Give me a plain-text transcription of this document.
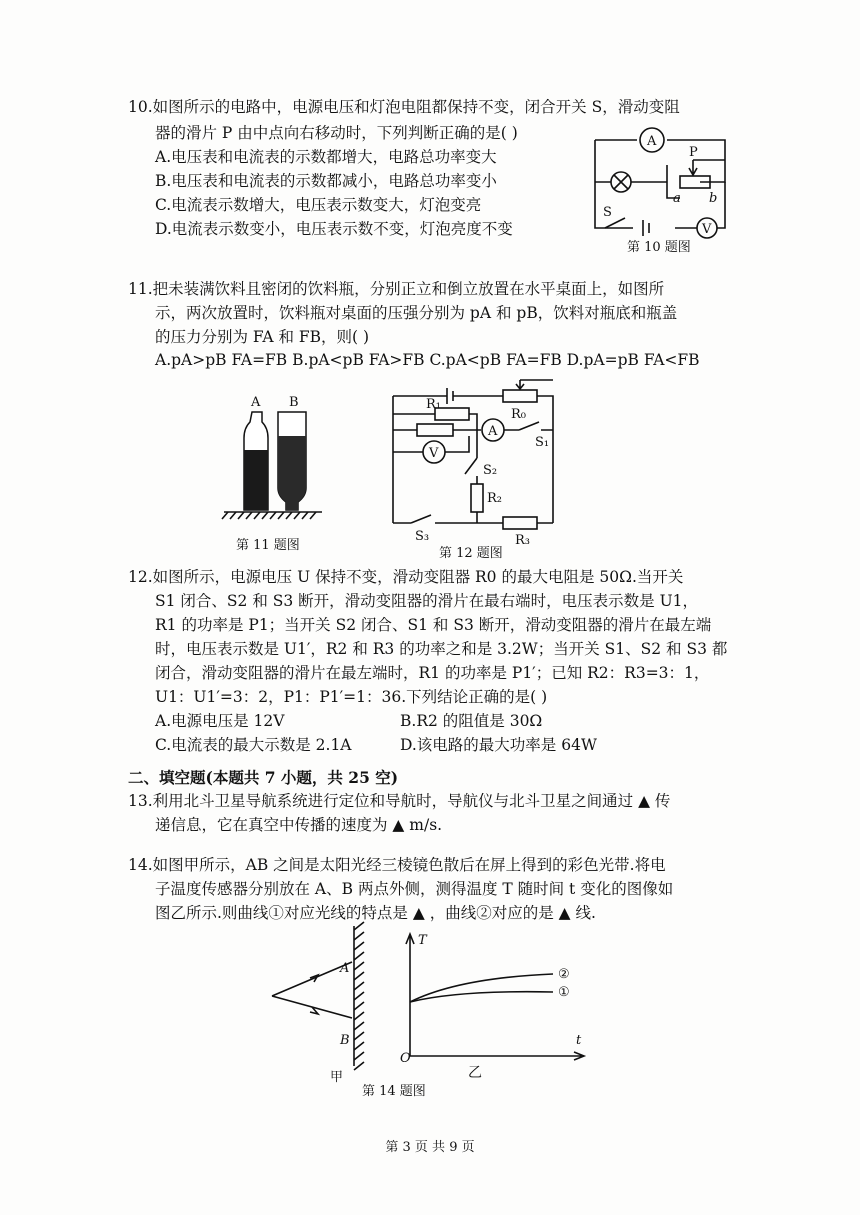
10.如图所示的电路中，电源电压和灯泡电阻都保持不变，闭合开关 S，滑动变阻
器的滑片 P 由中点向右移动时，下列判断正确的是( )
A.电压表和电流表的示数都增大，电路总功率变大
B.电压表和电流表的示数都减小，电路总功率变小
C.电流表示数增大，电压表示数变大，灯泡变亮
D.电流表示数变小，电压表示数不变，灯泡亮度不变
A
P
a b
S
V
第 10 题图
11.把未装满饮料且密闭的饮料瓶，分别正立和倒立放置在水平桌面上，如图所
示，两次放置时，饮料瓶对桌面的压强分别为 pA 和 pB，饮料对瓶底和瓶盖
的压力分别为 FA 和 FB，则( )
A.pA>pB FA=FB B.pA<pB FA>FB C.pA<pB FA=FB D.pA=pB FA<FB
A B
第 11 题图
R₀
R₁
A
S₁
V
S₂
R₂
S₃	R₃
第 12 题图
12.如图所示，电源电压 U 保持不变，滑动变阻器 R0 的最大电阻是 50Ω.当开关
S1 闭合、S2 和 S3 断开，滑动变阻器的滑片在最右端时，电压表示数是 U1，
R1 的功率是 P1；当开关 S2 闭合、S1 和 S3 断开，滑动变阻器的滑片在最左端
时，电压表示数是 U1′，R2 和 R3 的功率之和是 3.2W；当开关 S1、S2 和 S3 都
闭合，滑动变阻器的滑片在最左端时，R1 的功率是 P1′；已知 R2：R3=3：1，
U1：U1′=3：2，P1：P1′=1：36.下列结论正确的是( )
A.电源电压是 12V	B.R2 的阻值是 30Ω
C.电流表的最大示数是 2.1A	D.该电路的最大功率是 64W
二、填空题(本题共 7 小题，共 25 空)
13.利用北斗卫星导航系统进行定位和导航时，导航仪与北斗卫星之间通过 ▲ 传
递信息，它在真空中传播的速度为 ▲ m/s.
14.如图甲所示，AB 之间是太阳光经三棱镜色散后在屏上得到的彩色光带.将电
子温度传感器分别放在 A、B 两点外侧，测得温度 T 随时间 t 变化的图像如
图乙所示.则曲线①对应光线的特点是 ▲ ，曲线②对应的是 ▲ 线.
A
B
甲
T
t
O
②
①
乙
第 14 题图
第 3 页 共 9 页
